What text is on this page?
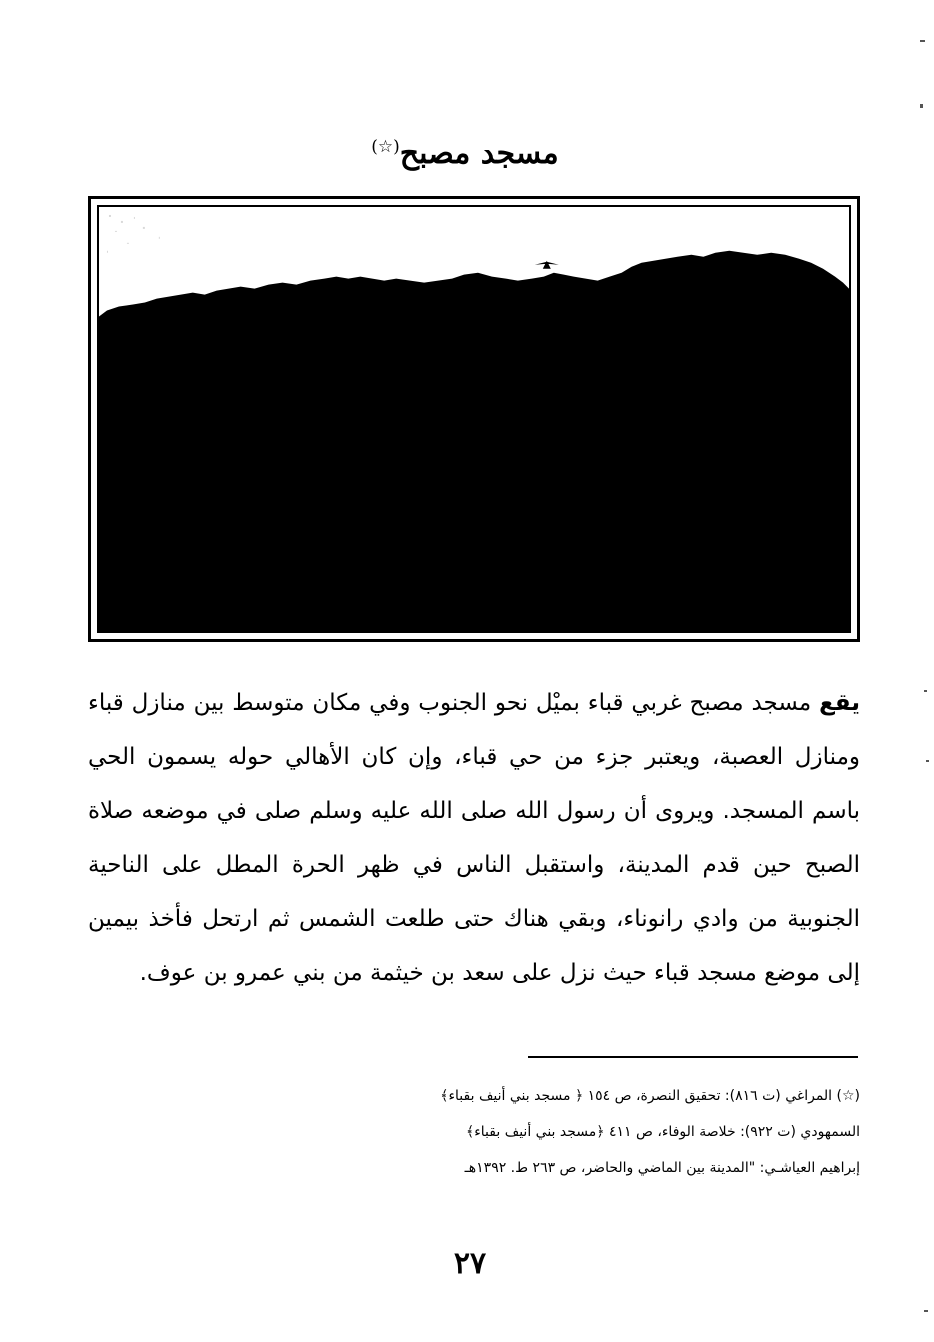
مسجد مصبح(☆)
يقع مسجد مصبح غربي قباء بميْل نحو الجنوب وفي مكان متوسط بين منازل قباء ومنازل العصبة، ويعتبر جزء من حي قباء، وإن كان الأهالي حوله يسمون الحي باسم المسجد. ويروى أن رسول الله صلى الله عليه وسلم صلى في موضعه صلاة الصبح حين قدم المدينة، واستقبل الناس في ظهر الحرة المطل على الناحية الجنوبية من وادي رانوناء، وبقي هناك حتى طلعت الشمس ثم ارتحل فأخذ بيمين إلى موضع مسجد قباء حيث نزل على سعد بن خيثمة من بني عمرو بن عوف.
(☆) المراغي (ت ٨١٦): تحقيق النصرة، ص ١٥٤ ﴿ مسجد بني أنيف بقباء﴾
السمهودي (ت ٩٢٢): خلاصة الوفاء، ص ٤١١ ﴿مسجد بني أنيف بقباء﴾
إبراهيم العياشـي: "المدينة بين الماضي والحاضر، ص ٢٦٣ ط. ١٣٩٢هـ
٢٧
